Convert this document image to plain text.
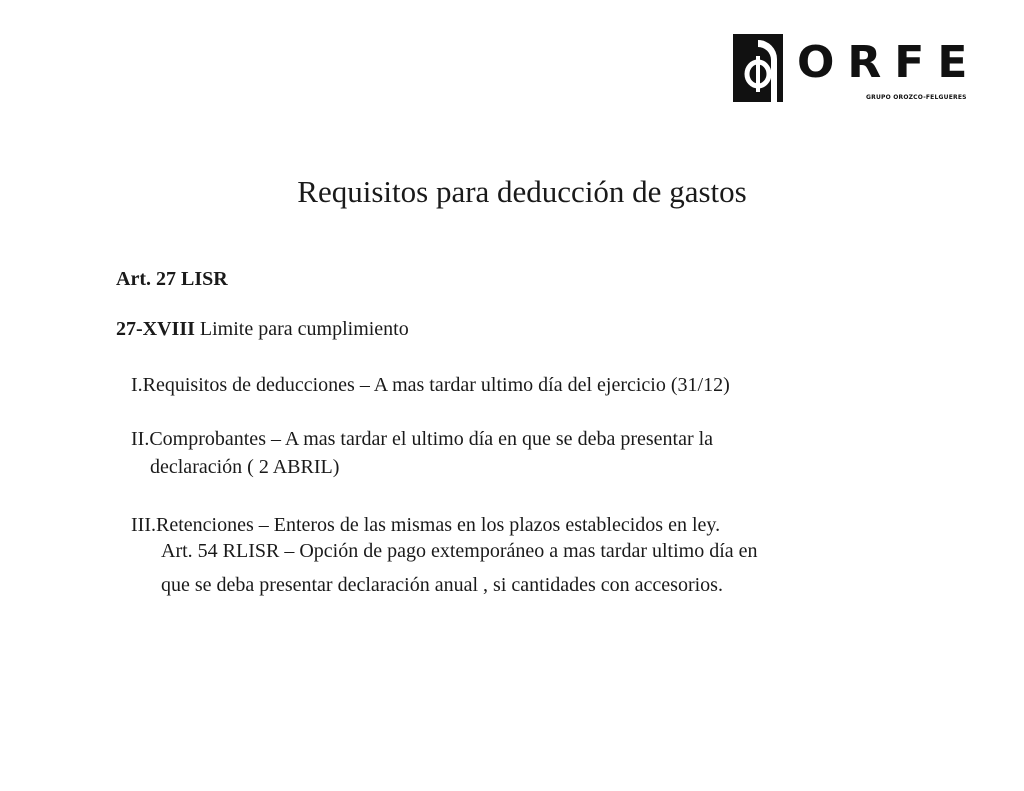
ORFE
GRUPO OROZCO-FELGUERES
Requisitos para deducción de gastos

Art. 27 LISR

27-XVIII Limite para cumplimiento

I.Requisitos de deducciones – A mas tardar ultimo día del ejercicio (31/12)

II.Comprobantes – A mas tardar el ultimo día en que se deba presentar la

declaración ( 2 ABRIL)

III.Retenciones – Enteros de las mismas en los plazos establecidos en ley.

Art. 54 RLISR – Opción de pago extemporáneo a mas tardar ultimo día en

que se deba presentar declaración anual , si cantidades con accesorios.
